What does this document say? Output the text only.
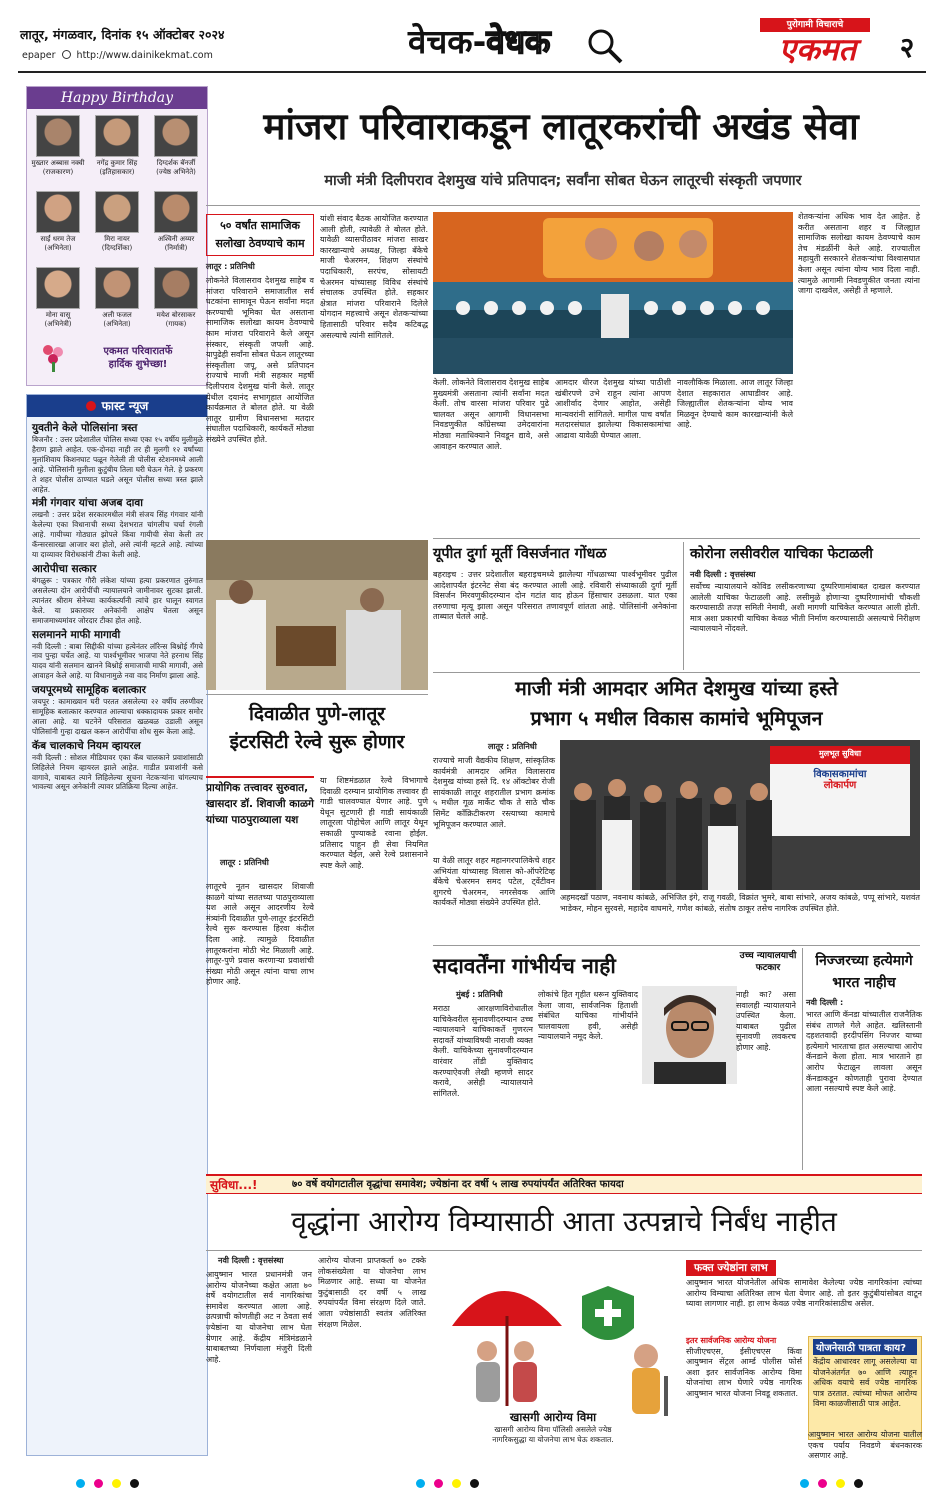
लातूर, मंगळवार, दिनांक १५ ऑक्टोबर २०२४
epaper http://www.dainikekmat.com	वेचक-वेधक	पुरोगामी विचाराचे
एकमत	२
Happy Birthday
मुख्तार अब्बास नक्वी
(राजकारण)
नगेंद्र कुमार सिंह
(इतिहासकार)
दिग्दर्शक बॅनर्जी
(ज्येष्ठ अभिनेते)
साईं धरम तेज
(अभिनेता)
मिरा नायर
(दिग्दर्शिका)
अश्विनी अय्यर
(निर्मात्री)
मोना वासू
(अभिनेत्री)
अली फजल
(अभिनेता)
मयेश बोरसाकर
(गायक)
एकमत परिवारातर्फे
हार्दिक शुभेच्छा!
फास्ट न्यूज
युवतीने केले पोलिसांना त्रस्त
बिजनौर : उत्तर प्रदेशातील पोलिस सध्या एका १५ वर्षीय मुलीमुळे हैराण झाले आहेत. एक-दोनदा नाही तर ही मुलगी १२ वर्षांच्या मुलांशिवाय किशनघाट पळून गेलेली ती पोलीस स्टेशनमध्ये आली आहे. पोलिसांनी मुलीला कुटुंबीय तिला घरी घेऊन गेले. हे प्रकरण ते शहर पोलीस ठाण्यात घडले असून पोलीस सध्या त्रस्त झाले आहेत.
मंत्री गंगवार यांचा अजब दावा
लखनौ : उत्तर प्रदेश सरकारमधील मंत्री संजय सिंह गंगवार यांनी केलेल्या एका विधानाची सध्या देशभरात चांगलीच चर्चा रंगली आहे. गायीच्या गोठ्यात झोपले किंवा गायीची सेवा केली तर कॅन्सरसारखा आजार बरा होतो, असे त्यांनी म्हटले आहे. त्यांच्या या दाव्यावर विरोधकांनी टीका केली आहे.
आरोपीचा सत्कार
बंगळुरू : पत्रकार गौरी लंकेश यांच्या हत्या प्रकरणात तुरुंगात असलेल्या दोन आरोपींची न्यायालयाने जामीनावर सुटका झाली. त्यानंतर श्रीराम सेनेच्या कार्यकर्त्यांनी त्यांचे हार घालून स्वागत केले. या प्रकारावर अनेकांनी आक्षेप घेतला असून समाजमाध्यमांवर जोरदार टीका होत आहे.
सलमानने माफी मागावी
नवी दिल्ली : बाबा सिद्दीकी यांच्या हत्येनंतर लॉरेन्स बिश्नोई गँगचे नाव पुन्हा चर्चेत आहे. या पार्श्वभूमीवर भाजपा नेते हरनाथ सिंह यादव यांनी सलमान खानने बिश्नोई समाजाची माफी मागावी, असे आवाहन केले आहे. या विधानामुळे नवा वाद निर्माण झाला आहे.
जयपूरमध्ये सामूहिक बलात्कार
जयपूर : कामाख्यान घरी परतत असलेल्या २२ वर्षीय तरुणीवर सामूहिक बलात्कार करण्यात आल्याचा धक्कादायक प्रकार समोर आला आहे. या घटनेने परिसरात खळबळ उडाली असून पोलिसांनी गुन्हा दाखल करून आरोपींचा शोध सुरू केला आहे.
कॅब चालकाचे नियम व्हायरल
नवी दिल्ली : सोशल मीडियावर एका कॅब चालकाने प्रवाशांसाठी लिहिलेले नियम व्हायरल झाले आहेत. गाडीत प्रवाशांनी कसे वागावे, याबाबत त्याने लिहिलेल्या सूचना नेटकऱ्यांना चांगल्याच भावल्या असून अनेकांनी त्यावर प्रतिक्रिया दिल्या आहेत.
मांजरा परिवाराकडून लातूरकरांची अखंड सेवा
माजी मंत्री दिलीपराव देशमुख यांचे प्रतिपादन; सर्वांना सोबत घेऊन लातूरची संस्कृती जपणार
५० वर्षांत सामाजिक सलोखा ठेवण्याचे काम
लातूर : प्रतिनिधी
लोकनेते विलासराव देशमुख साहेब व मांजरा परिवाराने समाजातील सर्व घटकांना सामावून घेऊन सर्वांना मदत करण्याची भूमिका घेत असताना सामाजिक सलोखा कायम ठेवण्याचे काम मांजरा परिवाराने केले असून संस्कार, संस्कृती जपली आहे. यापुढेही सर्वांना सोबत घेऊन लातूरच्या संस्कृतीला जपू, असे प्रतिपादन राज्याचे माजी मंत्री सहकार महर्षी दिलीपराव देशमुख यांनी केले. लातूर येथील दयानंद सभागृहात आयोजित कार्यक्रमात ते बोलत होते. या वेळी लातूर ग्रामीण विधानसभा मतदार संघातील पदाधिकारी, कार्यकर्ते मोठ्या संख्येने उपस्थित होते.
यांशी संवाद बैठक आयोजित करण्यात आली होती, त्यावेळी ते बोलत होते. यावेळी व्यासपीठावर मांजरा साखर कारखान्याचे अध्यक्ष, जिल्हा बँकेचे माजी चेअरमन, शिक्षण संस्थांचे पदाधिकारी, सरपंच, सोसायटी चेअरमन यांच्यासह विविध संस्थांचे संचालक उपस्थित होते. सहकार क्षेत्रात मांजरा परिवाराने दिलेले योगदान महत्त्वाचे असून शेतकऱ्यांच्या हितासाठी परिवार सदैव कटिबद्ध असल्याचे त्यांनी सांगितले.
केली. लोकनेते विलासराव देशमुख साहेब मुख्यमंत्री असताना त्यांनी सर्वांना मदत केली. तोच वारसा मांजरा परिवार पुढे चालवत असून आगामी विधानसभा निवडणुकीत काँग्रेसच्या उमेदवारांना मोठ्या मताधिक्याने निवडून द्यावे, असे आवाहन करण्यात आले.
आमदार धीरज देशमुख यांच्या पाठीशी खंबीरपणे उभे राहून त्यांना आपण आशीर्वाद देणार आहोत, असेही मान्यवरांनी सांगितले. मागील पाच वर्षांत मतदारसंघात झालेल्या विकासकामांचा आढावा यावेळी घेण्यात आला.
नावलौकिक मिळाला. आज लातूर जिल्हा देशात सहकारात आघाडीवर आहे. जिल्ह्यातील शेतकऱ्यांना योग्य भाव मिळवून देण्याचे काम कारखान्यांनी केले आहे.
शेतकऱ्यांना अधिक भाव देत आहेत. हे करीत असताना शहर व जिल्ह्यात सामाजिक सलोखा कायम ठेवण्याचे काम तेच मंडळींनी केले आहे. राज्यातील महायुती सरकारने शेतकऱ्यांचा विश्वासघात केला असून त्यांना योग्य भाव दिला नाही. त्यामुळे आगामी निवडणुकीत जनता त्यांना जागा दाखवेल, असेही ते म्हणाले.
यूपीत दुर्गा मूर्ती विसर्जनात गोंधळ
बहराइच : उत्तर प्रदेशातील बहराइचमध्ये झालेल्या गोंधळाच्या पार्श्वभूमीवर पुढील आदेशापर्यंत इंटरनेट सेवा बंद करण्यात आली आहे. रविवारी संध्याकाळी दुर्गा मूर्ती विसर्जन मिरवणुकीदरम्यान दोन गटांत वाद होऊन हिंसाचार उसळला. यात एका तरुणाचा मृत्यू झाला असून परिसरात तणावपूर्ण शांतता आहे. पोलिसांनी अनेकांना ताब्यात घेतले आहे.
कोरोना लसीवरील याचिका फेटाळली
नवी दिल्ली : वृत्तसंस्था
सर्वोच्च न्यायालयाने कोविड लसीकरणाच्या दुष्परिणामांबाबत दाखल करण्यात आलेली याचिका फेटाळली आहे. लसीमुळे होणाऱ्या दुष्परिणामांची चौकशी करण्यासाठी तज्ज्ञ समिती नेमावी, अशी मागणी याचिकेत करण्यात आली होती. मात्र अशा प्रकारची याचिका केवळ भीती निर्माण करण्यासाठी असल्याचे निरीक्षण न्यायालयाने नोंदवले.
माजी मंत्री आमदार अमित देशमुख यांच्या हस्ते
प्रभाग ५ मधील विकास कामांचे भूमिपूजन
लातूर : प्रतिनिधी
राज्याचे माजी वैद्यकीय शिक्षण, सांस्कृतिक कार्यमंत्री आमदार अमित विलासराव देशमुख यांच्या हस्ते दि. १४ ऑक्टोबर रोजी सायंकाळी लातूर शहरातील प्रभाग क्रमांक ५ मधील गूळ मार्केट चौक ते साठे चौक सिमेंट काँक्रिटीकरण रस्त्याच्या कामाचे भूमिपूजन करण्यात आले.
या वेळी लातूर शहर महानगरपालिकेचे शहर अभियंता यांच्यासह विलास को-ऑपरेटिव्ह बँकेचे चेअरमन समद पटेल, ट्वेंटीवन शुगरचे चेअरमन, नगरसेवक आणि कार्यकर्ते मोठ्या संख्येने उपस्थित होते.
मुलभूत सुविधा
विकासकामांचा
लोकार्पण
अहमदखाँ पठाण, नवनाथ कांबळे, अभिजित इंगे, राजू गवळी, विक्रांत भुमरे, बाबा सांभारे, अजय कांबळे, पप्पू सांभारे, यशवंत भाडेकर, मोहन सुरवसे, महादेव वाघमारे, गणेश कांबळे, संतोष ठाकूर तसेच नागरिक उपस्थित होते.
दिवाळीत पुणे-लातूर
इंटरसिटी रेल्वे सुरू होणार
प्रायोगिक तत्त्वावर सुरुवात, खासदार डॉ. शिवाजी काळगे यांच्या पाठपुराव्याला यश
लातूर : प्रतिनिधी
लातूरचे नूतन खासदार शिवाजी काळगे यांच्या सततच्या पाठपुराव्याला यश आले असून आदरणीय रेल्वे मंत्र्यांनी दिवाळीत पुणे-लातूर इंटरसिटी रेल्वे सुरू करण्यास हिरवा कंदील दिला आहे. त्यामुळे दिवाळीत लातूरकरांना मोठी भेट मिळाली आहे. लातूर-पुणे प्रवास करणाऱ्या प्रवाशांची संख्या मोठी असून त्यांना याचा लाभ होणार आहे.
या शिष्टमंडळात रेल्वे विभागाचे दिवाळी दरम्यान प्रायोगिक तत्त्वावर ही गाडी चालवण्यात येणार आहे. पुणे येथून सुटणारी ही गाडी सायंकाळी लातूरला पोहोचेल आणि लातूर येथून सकाळी पुण्याकडे रवाना होईल. प्रतिसाद पाहून ही सेवा नियमित करण्यात येईल, असे रेल्वे प्रशासनाने स्पष्ट केले आहे.
सदावर्तेंना गांभीर्यच नाही	उच्च न्यायालयाची फटकार
मुंबई : प्रतिनिधी
मराठा आरक्षणाविरोधातील याचिकेवरील सुनावणीदरम्यान उच्च न्यायालयाने याचिकाकर्ते गुणरत्न सदावर्ते यांच्याविषयी नाराजी व्यक्त केली. याचिकेच्या सुनावणीदरम्यान वारंवार तोंडी युक्तिवाद करण्याऐवजी लेखी म्हणणे सादर करावे, असेही न्यायालयाने सांगितले.
लोकांचे हित गृहीत धरून युक्तिवाद केला जावा, सार्वजनिक हिताशी संबंधित याचिका गांभीर्याने चालवायला हवी, असेही न्यायालयाने नमूद केले.
नाही का? असा सवालही न्यायालयाने उपस्थित केला. याबाबत पुढील सुनावणी लवकरच होणार आहे.
निज्जरच्या हत्येमागे भारत नाहीच
नवी दिल्ली :
भारत आणि कॅनडा यांच्यातील राजनैतिक संबंध ताणले गेले आहेत. खलिस्तानी दहशतवादी हरदीपसिंग निज्जर याच्या हत्येमागे भारताचा हात असल्याचा आरोप कॅनडाने केला होता. मात्र भारताने हा आरोप फेटाळून लावला असून कॅनडाकडून कोणताही पुरावा देण्यात आला नसल्याचे स्पष्ट केले आहे.
सुविधा...!	७० वर्षे वयोगटातील वृद्धांचा समावेश; ज्येष्ठांना दर वर्षी ५ लाख रुपयांपर्यंत अतिरिक्त फायदा
वृद्धांना आरोग्य विम्यासाठी आता उत्पन्नाचे निर्बंध नाहीत
नवी दिल्ली : वृत्तसंस्था
आयुष्मान भारत प्रधानमंत्री जन आरोग्य योजनेच्या कक्षेत आता ७० वर्षे वयोगटातील सर्व नागरिकांचा समावेश करण्यात आला आहे. उत्पन्नाची कोणतीही अट न ठेवता सर्व ज्येष्ठांना या योजनेचा लाभ घेता येणार आहे. केंद्रीय मंत्रिमंडळाने याबाबतच्या निर्णयाला मंजुरी दिली आहे.
आरोग्य योजना प्राप्तकर्ता ७० टक्के लोकसंख्येला या योजनेचा लाभ मिळणार आहे. सध्या या योजनेत कुटुंबासाठी दर वर्षी ५ लाख रुपयांपर्यंत विमा संरक्षण दिले जाते. आता ज्येष्ठांसाठी स्वतंत्र अतिरिक्त संरक्षण मिळेल.
खासगी आरोग्य विमा
खासगी आरोग्य विमा पॉलिसी असलेले ज्येष्ठ नागरिकसुद्धा या योजनेचा लाभ घेऊ शकतात.
फक्त ज्येष्ठांना लाभ
आयुष्मान भारत योजनेतील अधिक सामावेश केलेल्या ज्येष्ठ नागरिकांना त्यांच्या आरोग्य विम्याचा अतिरिक्त लाभ घेता येणार आहे. तो इतर कुटुंबीयांसोबत वाटून घ्यावा लागणार नाही. हा लाभ केवळ ज्येष्ठ नागरिकांसाठीच असेल.
योजनेसाठी पात्रता काय?
केंद्रीय आधारवर लागू असलेल्या या योजनेअंतर्गत ७० आणि त्याहून अधिक वयाचे सर्व ज्येष्ठ नागरिक पात्र ठरतात. त्यांच्या मोफत आरोग्य विमा काळजीसाठी पात्र आहेत.
इतर सार्वजनिक आरोग्य योजना
सीजीएचएस, ईसीएचएस किंवा आयुष्मान सेंट्रल आर्म्ड पोलीस फोर्स अशा इतर सार्वजनिक आरोग्य विमा योजनांचा लाभ घेणारे ज्येष्ठ नागरिक आयुष्मान भारत योजना निवडू शकतात.
आयुष्मान भारत आरोग्य योजना यातील एकच पर्याय निवडणे बंधनकारक असणार आहे.
